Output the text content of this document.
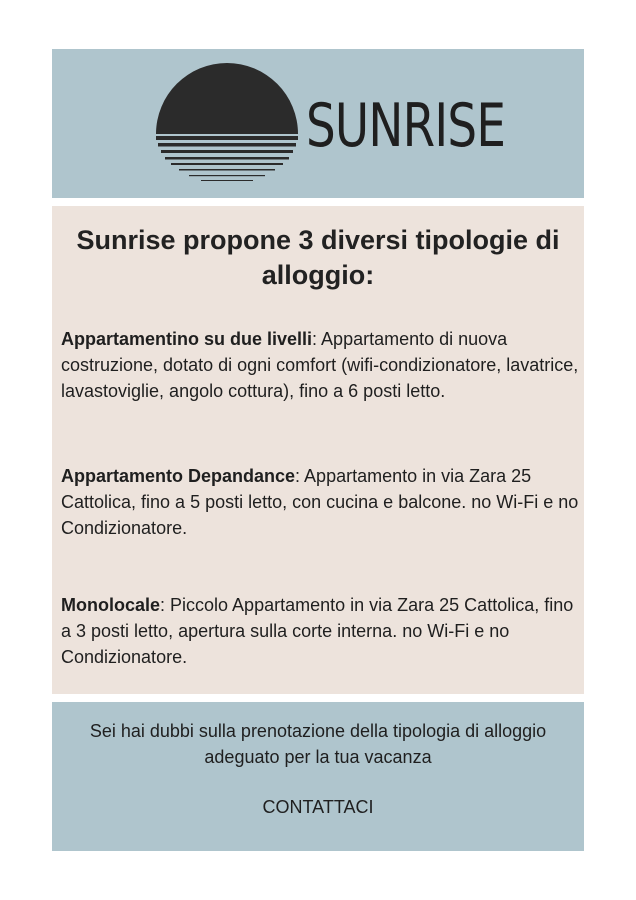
SUNRISE
Sunrise propone 3 diversi tipologie di alloggio:

Appartamentino su due livelli: Appartamento di nuova costruzione, dotato di ogni comfort (wifi-condizionatore, lavatrice, lavastoviglie, angolo cottura), fino a 6 posti letto.

Appartamento Depandance: Appartamento in via Zara 25 Cattolica, fino a 5 posti letto, con cucina e balcone. no Wi-Fi e no Condizionatore.

Monolocale: Piccolo Appartamento in via Zara 25 Cattolica, fino a 3 posti letto, apertura sulla corte interna. no Wi-Fi e no Condizionatore.

Sei hai dubbi sulla prenotazione della tipologia di alloggio adeguato per la tua vacanza

CONTATTACI
